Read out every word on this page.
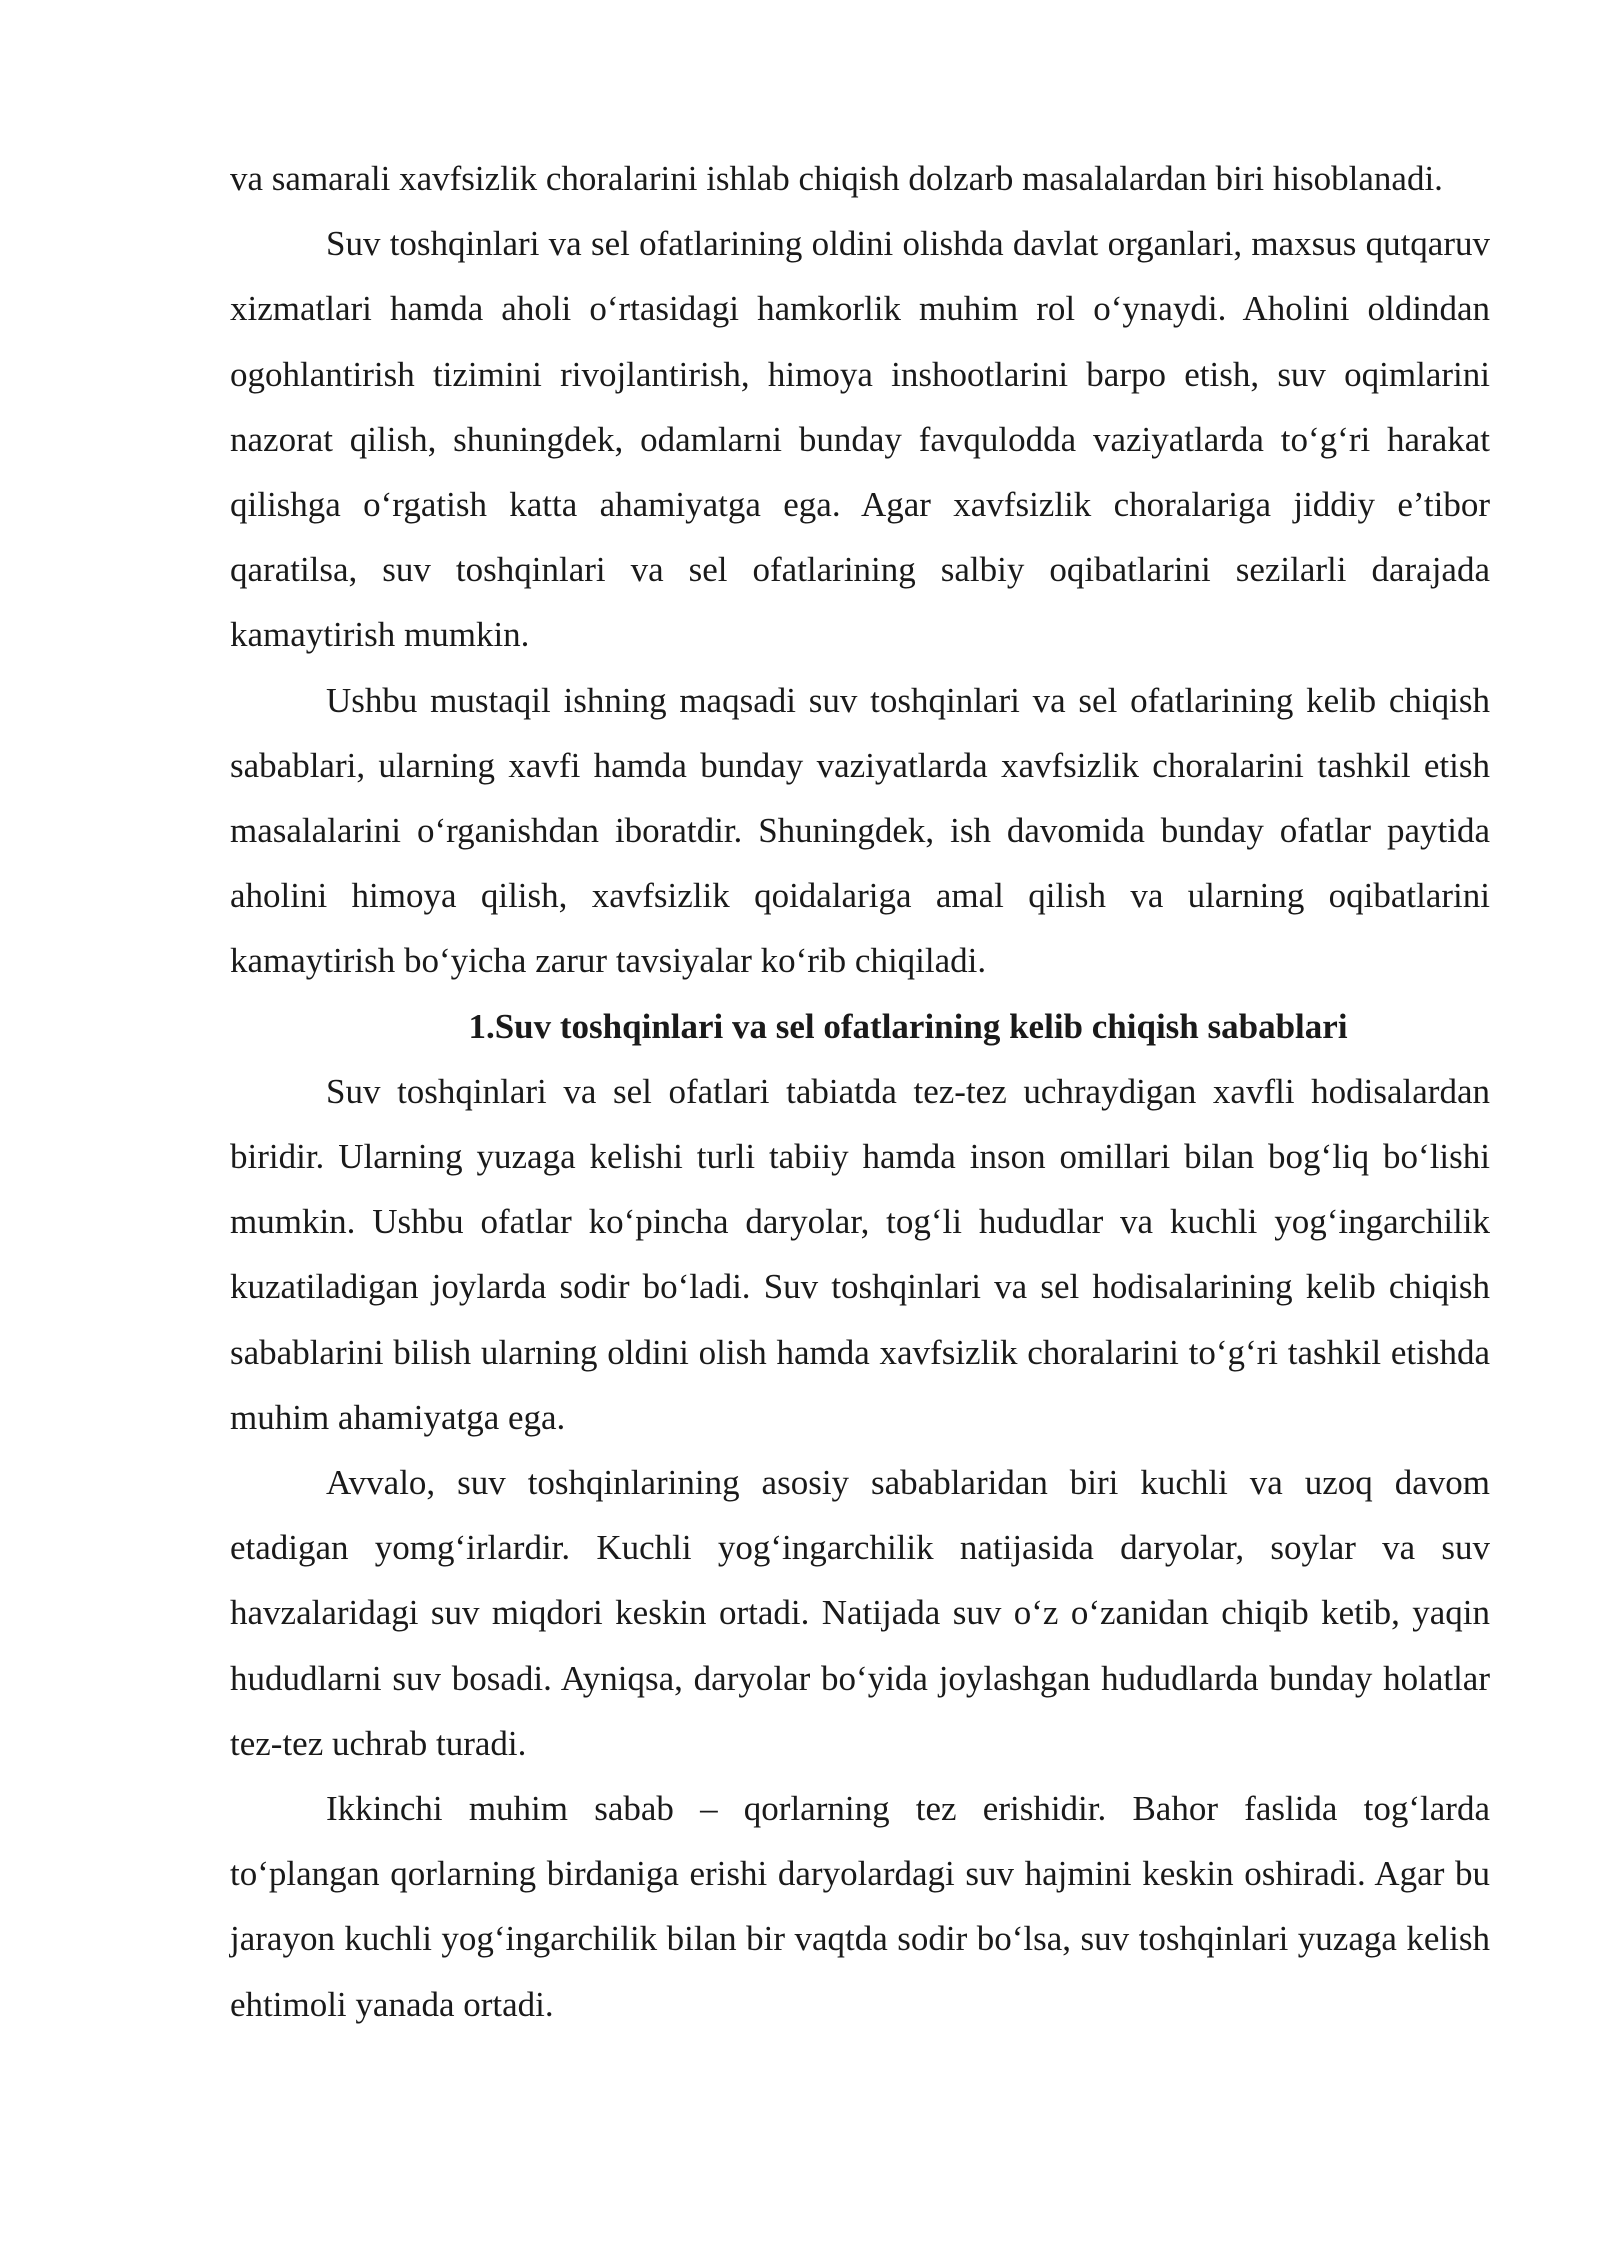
va samarali xavfsizlik choralarini ishlab chiqish dolzarb masalalardan biri hisoblanadi.

Suv toshqinlari va sel ofatlarining oldini olishda davlat organlari, maxsus qutqaruv xizmatlari hamda aholi o‘rtasidagi hamkorlik muhim rol o‘ynaydi. Aholini oldindan ogohlantirish tizimini rivojlantirish, himoya inshootlarini barpo etish, suv oqimlarini nazorat qilish, shuningdek, odamlarni bunday favqulodda vaziyatlarda to‘g‘ri harakat qilishga o‘rgatish katta ahamiyatga ega. Agar xavfsizlik choralariga jiddiy e’tibor qaratilsa, suv toshqinlari va sel ofatlarining salbiy oqibatlarini sezilarli darajada kamaytirish mumkin.

Ushbu mustaqil ishning maqsadi suv toshqinlari va sel ofatlarining kelib chiqish sabablari, ularning xavfi hamda bunday vaziyatlarda xavfsizlik choralarini tashkil etish masalalarini o‘rganishdan iboratdir. Shuningdek, ish davomida bunday ofatlar paytida aholini himoya qilish, xavfsizlik qoidalariga amal qilish va ularning oqibatlarini kamaytirish bo‘yicha zarur tavsiyalar ko‘rib chiqiladi.

1.Suv toshqinlari va sel ofatlarining kelib chiqish sabablari

Suv toshqinlari va sel ofatlari tabiatda tez-tez uchraydigan xavfli hodisalardan biridir. Ularning yuzaga kelishi turli tabiiy hamda inson omillari bilan bog‘liq bo‘lishi mumkin. Ushbu ofatlar ko‘pincha daryolar, tog‘li hududlar va kuchli yog‘ingarchilik kuzatiladigan joylarda sodir bo‘ladi. Suv toshqinlari va sel hodisalarining kelib chiqish sabablarini bilish ularning oldini olish hamda xavfsizlik choralarini to‘g‘ri tashkil etishda muhim ahamiyatga ega.

Avvalo, suv toshqinlarining asosiy sabablaridan biri kuchli va uzoq davom etadigan yomg‘irlardir. Kuchli yog‘ingarchilik natijasida daryolar, soylar va suv havzalaridagi suv miqdori keskin ortadi. Natijada suv o‘z o‘zanidan chiqib ketib, yaqin hududlarni suv bosadi. Ayniqsa, daryolar bo‘yida joylashgan hududlarda bunday holatlar tez-tez uchrab turadi.

Ikkinchi muhim sabab – qorlarning tez erishidir. Bahor faslida tog‘larda to‘plangan qorlarning birdaniga erishi daryolardagi suv hajmini keskin oshiradi. Agar bu jarayon kuchli yog‘ingarchilik bilan bir vaqtda sodir bo‘lsa, suv toshqinlari yuzaga kelish ehtimoli yanada ortadi.
